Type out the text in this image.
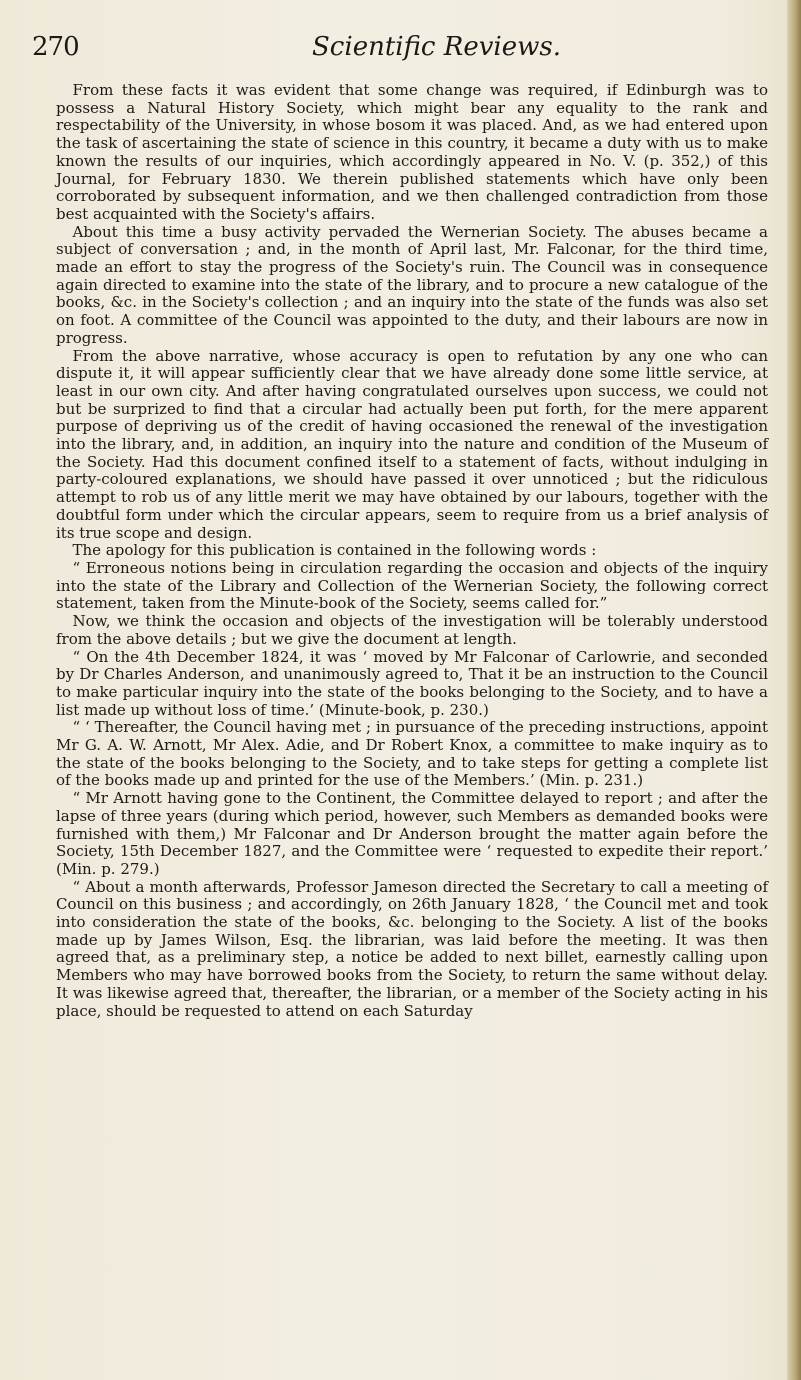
270	Scientific Reviews.

From these facts it was evident that some change was required, if Edinburgh was to possess a Natural History Society, which might bear any equality to the rank and respectability of the University, in whose bosom it was placed. And, as we had entered upon the task of ascertaining the state of science in this country, it became a duty with us to make known the results of our inquiries, which accordingly appeared in No. V. (p. 352,) of this Journal, for February 1830. We therein published statements which have only been corroborated by subsequent information, and we then challenged contradiction from those best acquainted with the Society's affairs.

About this time a busy activity pervaded the Wernerian Society. The abuses became a subject of conversation ; and, in the month of April last, Mr. Falconar, for the third time, made an effort to stay the progress of the Society's ruin. The Council was in consequence again directed to examine into the state of the library, and to procure a new catalogue of the books, &c. in the Society's collection ; and an inquiry into the state of the funds was also set on foot. A committee of the Council was appointed to the duty, and their labours are now in progress.

From the above narrative, whose accuracy is open to refutation by any one who can dispute it, it will appear sufficiently clear that we have already done some little service, at least in our own city. And after having congratulated ourselves upon success, we could not but be surprized to find that a circular had actually been put forth, for the mere apparent purpose of depriving us of the credit of having occasioned the renewal of the investigation into the library, and, in addition, an inquiry into the nature and condition of the Museum of the Society. Had this document confined itself to a statement of facts, without indulging in party-coloured explanations, we should have passed it over unnoticed ; but the ridiculous attempt to rob us of any little merit we may have obtained by our labours, together with the doubtful form under which the circular appears, seem to require from us a brief analysis of its true scope and design.

The apology for this publication is contained in the following words :

“ Erroneous notions being in circulation regarding the occasion and objects of the inquiry into the state of the Library and Collection of the Wernerian Society, the following correct statement, taken from the Minute-book of the Society, seems called for.”

Now, we think the occasion and objects of the investigation will be tolerably understood from the above details ; but we give the document at length.

“ On the 4th December 1824, it was ‘ moved by Mr Falconar of Carlowrie, and seconded by Dr Charles Anderson, and unanimously agreed to, That it be an instruction to the Council to make particular inquiry into the state of the books belonging to the Society, and to have a list made up without loss of time.’ (Minute-book, p. 230.)

“ ‘ Thereafter, the Council having met ; in pursuance of the preceding instructions, appoint Mr G. A. W. Arnott, Mr Alex. Adie, and Dr Robert Knox, a committee to make inquiry as to the state of the books belonging to the Society, and to take steps for getting a complete list of the books made up and printed for the use of the Members.’ (Min. p. 231.)

“ Mr Arnott having gone to the Continent, the Committee delayed to report ; and after the lapse of three years (during which period, however, such Members as demanded books were furnished with them,) Mr Falconar and Dr Anderson brought the matter again before the Society, 15th December 1827, and the Committee were ‘ requested to expedite their report.’ (Min. p. 279.)

“ About a month afterwards, Professor Jameson directed the Secretary to call a meeting of Council on this business ; and accordingly, on 26th January 1828, ‘ the Council met and took into consideration the state of the books, &c. belonging to the Society. A list of the books made up by James Wilson, Esq. the librarian, was laid before the meeting. It was then agreed that, as a preliminary step, a notice be added to next billet, earnestly calling upon Members who may have borrowed books from the Society, to return the same without delay. It was likewise agreed that, thereafter, the librarian, or a member of the Society acting in his place, should be requested to attend on each Saturday
